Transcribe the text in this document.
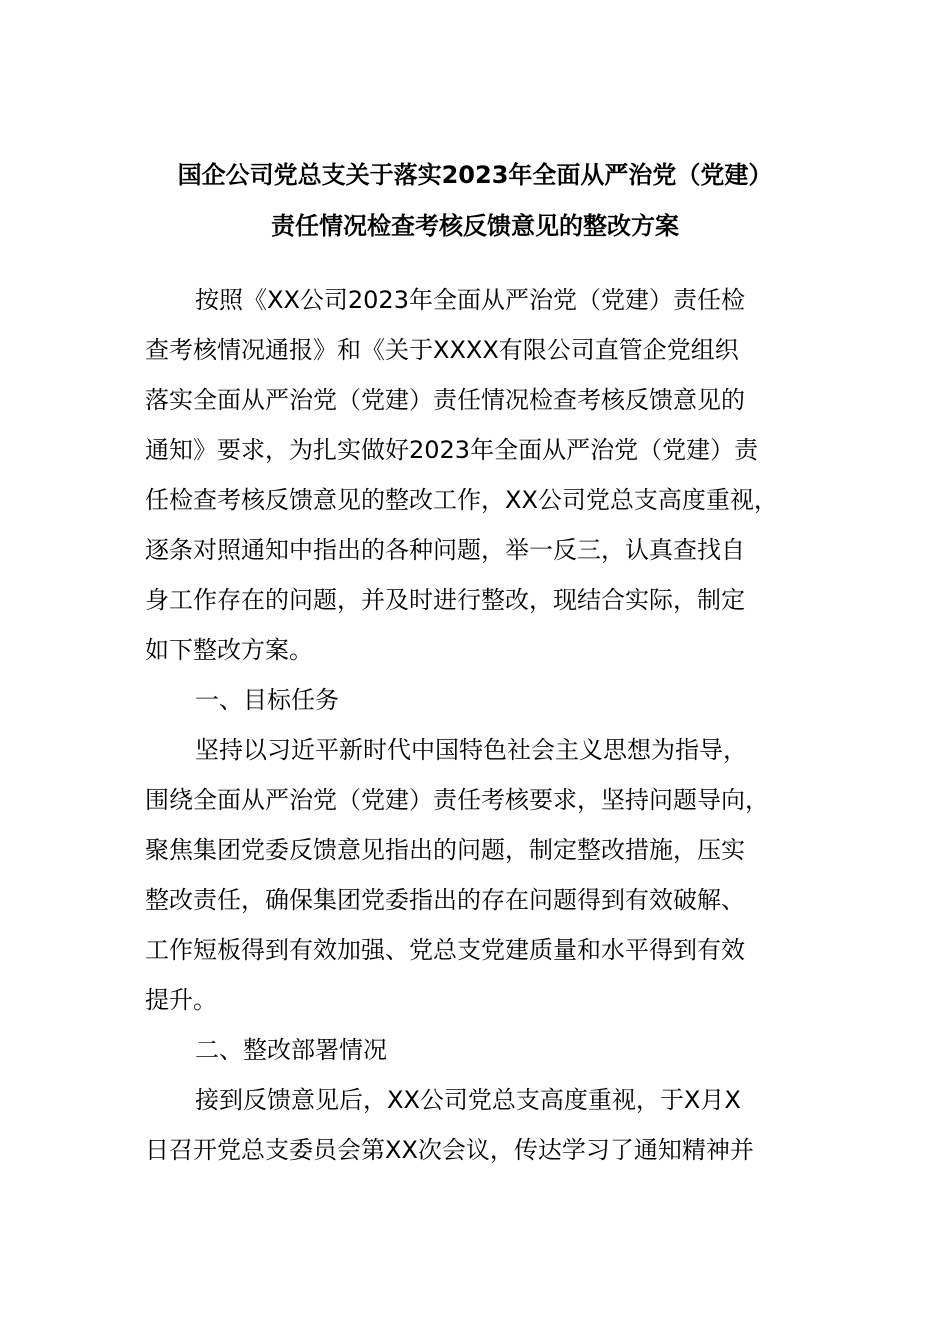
国企公司党总支关于落实2023年全面从严治党（党建）
责任情况检查考核反馈意见的整改方案
按照《XX公司2023年全面从严治党（党建）责任检
查考核情况通报》和《关于XXXX有限公司直管企党组织
落实全面从严治党（党建）责任情况检查考核反馈意见的
通知》要求，为扎实做好2023年全面从严治党（党建）责
任检查考核反馈意见的整改工作，XX公司党总支高度重视，
逐条对照通知中指出的各种问题，举一反三，认真查找自
身工作存在的问题，并及时进行整改，现结合实际，制定
如下整改方案。
一、目标任务
坚持以习近平新时代中国特色社会主义思想为指导，
围绕全面从严治党（党建）责任考核要求，坚持问题导向，
聚焦集团党委反馈意见指出的问题，制定整改措施，压实
整改责任，确保集团党委指出的存在问题得到有效破解、
工作短板得到有效加强、党总支党建质量和水平得到有效
提升。
二、整改部署情况
接到反馈意见后，XX公司党总支高度重视，于X月X
日召开党总支委员会第XX次会议，传达学习了通知精神并
